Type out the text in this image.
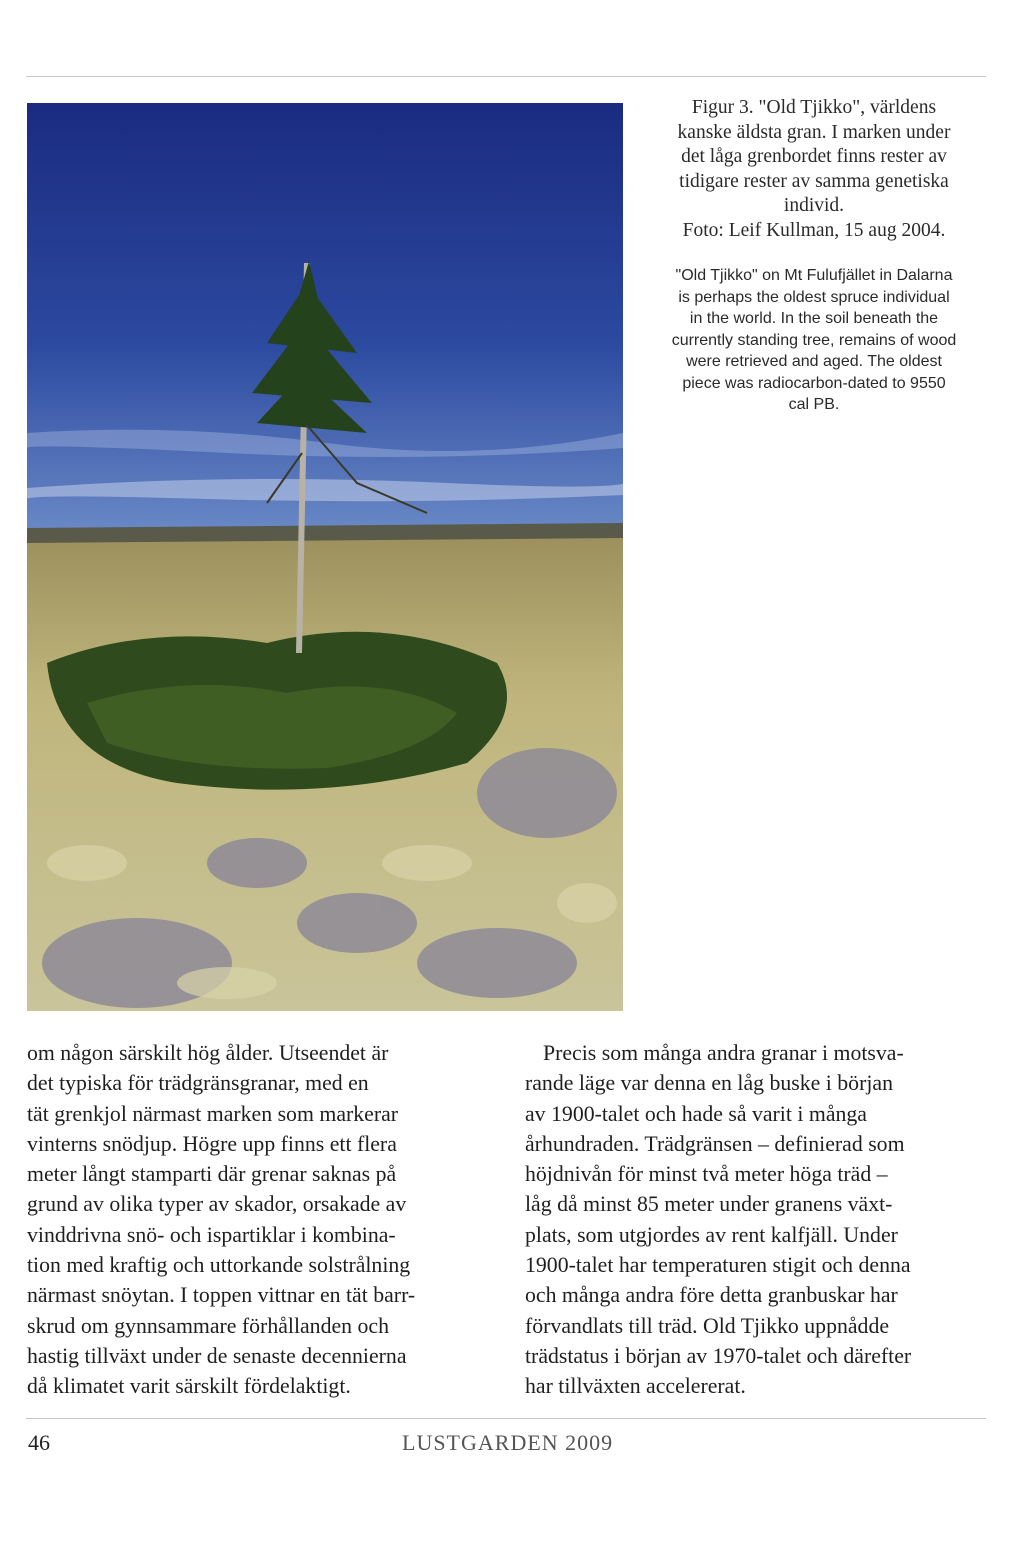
Figur 3. "Old Tjikko", världens
kanske äldsta gran. I marken under
det låga grenbordet finns rester av
tidigare rester av samma genetiska
individ.
Foto: Leif Kullman, 15 aug 2004.
"Old Tjikko" on Mt Fulufjället in Dalarna
is perhaps the oldest spruce individual
in the world. In the soil beneath the
currently standing tree, remains of wood
were retrieved and aged. The oldest
piece was radiocarbon-dated to 9550
cal PB.
om någon särskilt hög ålder. Utseendet är
det typiska för trädgränsgranar, med en
tät grenkjol närmast marken som markerar
vinterns snödjup. Högre upp finns ett flera
meter långt stamparti där grenar saknas på
grund av olika typer av skador, orsakade av
vinddrivna snö- och ispartiklar i kombina-
tion med kraftig och uttorkande solstrålning
närmast snöytan. I toppen vittnar en tät barr-
skrud om gynnsammare förhållanden och
hastig tillväxt under de senaste decennierna
då klimatet varit särskilt fördelaktigt.
Precis som många andra granar i motsva-
rande läge var denna en låg buske i början
av 1900-talet och hade så varit i många
århundraden. Trädgränsen – definierad som
höjdnivån för minst två meter höga träd –
låg då minst 85 meter under granens växt-
plats, som utgjordes av rent kalfjäll. Under
1900-talet har temperaturen stigit och denna
och många andra före detta granbuskar har
förvandlats till träd. Old Tjikko uppnådde
trädstatus i början av 1970-talet och därefter
har tillväxten accelererat.
46	LUSTGARDEN 2009
